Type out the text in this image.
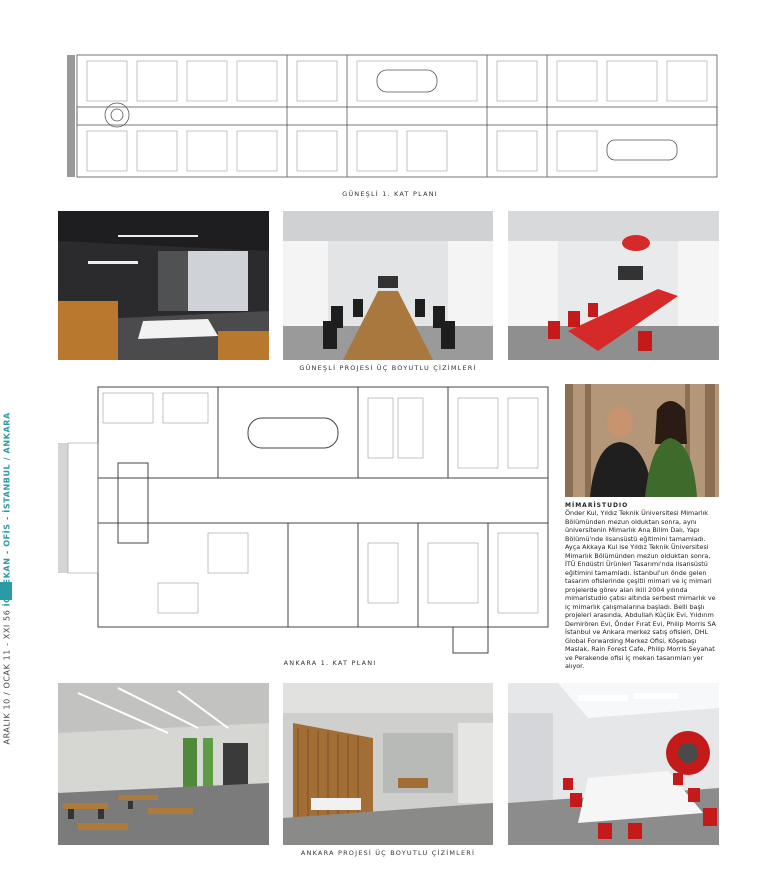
GÜNEŞLİ 1. KAT PLANI
GÜNEŞLİ PROJESİ ÜÇ BOYUTLU ÇİZİMLERİ
ARALIK 10 / OCAK 11 - XXI 56 İÇ MEKAN - OFİS - İSTANBUL / ANKARA
ANKARA 1. KAT PLANI
MİMARİSTUDIO
Önder Kul, Yıldız Teknik Üniversitesi Mimarlık Bölümünden mezun olduktan sonra, aynı üniversitenin Mimarlık Ana Bilim Dalı, Yapı Bölümü'nde lisansüstü eğitimini tamamladı. Ayça Akkaya Kul ise Yıldız Teknik Üniversitesi Mimarlık Bölümünden mezun olduktan sonra, İTÜ Endüstri Ürünleri Tasarımı'nda lisansüstü eğitimini tamamladı. İstanbul'un önde gelen tasarım ofislerinde çeşitli mimari ve iç mimari projelerde görev alan ikili 2004 yılında mimaristudio çatısı altında serbest mimarlık ve iç mimarlık çalışmalarına başladı. Belli başlı projeleri arasında, Abdullah Küçük Evi, Yıldırım Demirören Evi, Önder Fırat Evi, Philip Morris SA İstanbul ve Ankara merkez satış ofisleri, DHL Global Forwarding Merkez Ofisi, Köşebaşı Maslak, Rain Forest Cafe, Philip Morris Seyahat ve Perakende ofisi iç mekan tasarımları yer alıyor.
ANKARA PROJESİ ÜÇ BOYUTLU ÇİZİMLERİ
